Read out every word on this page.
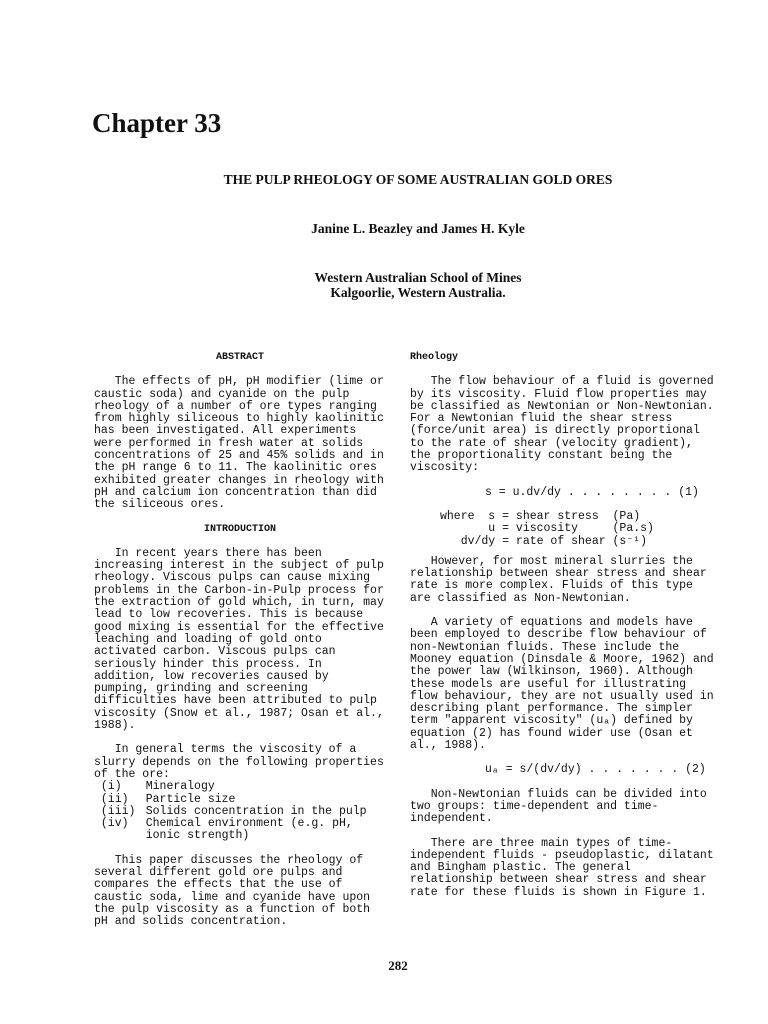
Chapter 33
THE PULP RHEOLOGY OF SOME AUSTRALIAN GOLD ORES
Janine L. Beazley and James H. Kyle
Western Australian School of Mines
Kalgoorlie, Western Australia.
ABSTRACT

The effects of pH, pH modifier (lime or caustic soda) and cyanide on the pulp rheology of a number of ore types ranging from highly siliceous to highly kaolinitic has been investigated. All experiments were performed in fresh water at solids concentrations of 25 and 45% solids and in the pH range 6 to 11. The kaolinitic ores exhibited greater changes in rheology with pH and calcium ion concentration than did the siliceous ores.

INTRODUCTION

In recent years there has been increasing interest in the subject of pulp rheology. Viscous pulps can cause mixing problems in the Carbon-in-Pulp process for the extraction of gold which, in turn, may lead to low recoveries. This is because good mixing is essential for the effective leaching and loading of gold onto activated carbon. Viscous pulps can seriously hinder this process. In addition, low recoveries caused by pumping, grinding and screening difficulties have been attributed to pulp viscosity (Snow et al., 1987; Osan et al., 1988).

In general terms the viscosity of a slurry depends on the following properties of the ore:

(i)	Mineralogy
(ii)	Particle size
(iii) Solids concentration in the pulp
(iv)	Chemical environment (e.g. pH,
ionic strength)

This paper discusses the rheology of several different gold ore pulps and compares the effects that the use of caustic soda, lime and cyanide have upon the pulp viscosity as a function of both pH and solids concentration.

Rheology

The flow behaviour of a fluid is governed by its viscosity. Fluid flow properties may be classified as Newtonian or Non-Newtonian. For a Newtonian fluid the shear stress (force/unit area) is directly proportional to the rate of shear (velocity gradient), the proportionality constant being the viscosity:

s = u.dv/dy . . . . . . . . (1)
where  s = shear stress  (Pa)
u = viscosity     (Pa.s)
dv/dy = rate of shear (s⁻¹)

However, for most mineral slurries the relationship between shear stress and shear rate is more complex. Fluids of this type are classified as Non-Newtonian.

A variety of equations and models have been employed to describe flow behaviour of non-Newtonian fluids. These include the Mooney equation (Dinsdale & Moore, 1962) and the power law (Wilkinson, 1960). Although these models are useful for illustrating flow behaviour, they are not usually used in describing plant performance. The simpler term "apparent viscosity" (uₐ) defined by equation (2) has found wider use (Osan et al., 1988).

uₐ = s/(dv/dy) . . . . . . . (2)

Non-Newtonian fluids can be divided into two groups: time-dependent and time-independent.

There are three main types of time-independent fluids - pseudoplastic, dilatant and Bingham plastic. The general relationship between shear stress and shear rate for these fluids is shown in Figure 1.

282
